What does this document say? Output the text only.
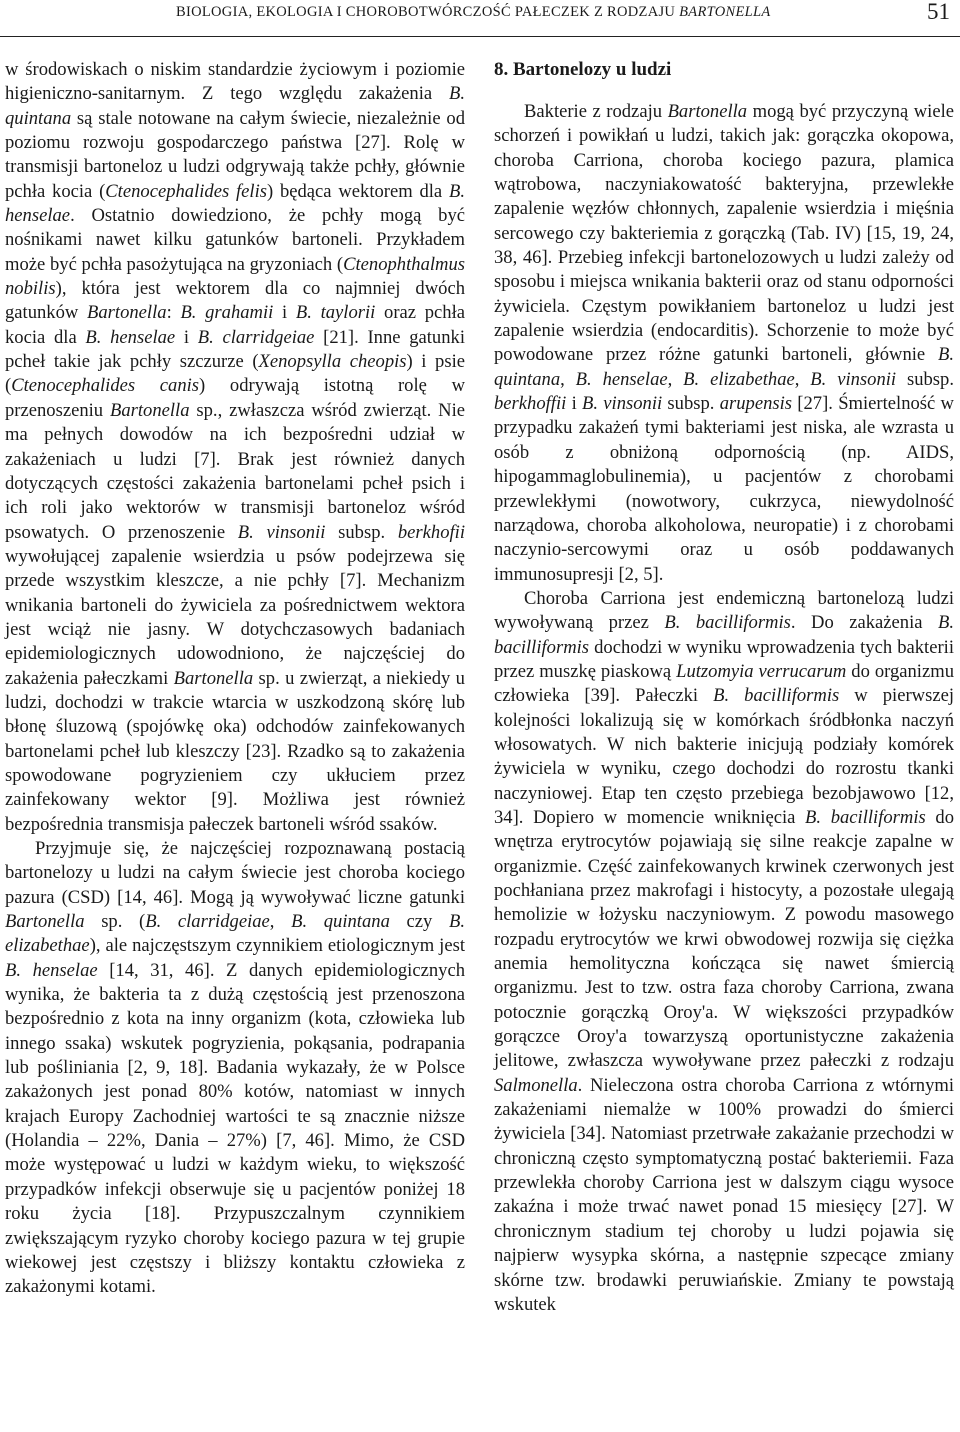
BIOLOGIA, EKOLOGIA I CHOROBOTWÓRCZOŚĆ PAŁECZEK Z RODZAJU BARTONELLA	51

w środowiskach o niskim standardzie życiowym i poziomie higieniczno-sanitarnym. Z tego względu zakażenia B. quintana są stale notowane na całym świecie, niezależnie od poziomu rozwoju gospodarczego państwa [27]. Rolę w transmisji bartoneloz u ludzi odgrywają także pchły, głównie pchła kocia (Ctenocephalides felis) będąca wektorem dla B. henselae. Ostatnio dowiedziono, że pchły mogą być nośnikami nawet kilku gatunków bartoneli. Przykładem może być pchła pasożytująca na gryzoniach (Ctenophthalmus nobilis), która jest wektorem dla co najmniej dwóch gatunków Bartonella: B. grahamii i B. taylorii oraz pchła kocia dla B. henselae i B. clarridgeiae [21]. Inne gatunki pcheł takie jak pchły szczurze (Xenopsylla cheopis) i psie (Ctenocephalides canis) odrywają istotną rolę w przenoszeniu Bartonella sp., zwłaszcza wśród zwierząt. Nie ma pełnych dowodów na ich bezpośredni udział w zakażeniach u ludzi [7]. Brak jest również danych dotyczących częstości zakażenia bartonelami pcheł psich i ich roli jako wektorów w transmisji bartoneloz wśród psowatych. O przenoszenie B. vinsonii subsp. berkhofii wywołującej zapalenie wsierdzia u psów podejrzewa się przede wszystkim kleszcze, a nie pchły [7]. Mechanizm wnikania bartoneli do żywiciela za pośrednictwem wektora jest wciąż nie jasny. W dotychczasowych badaniach epidemiologicznych udowodniono, że najczęściej do zakażenia pałeczkami Bartonella sp. u zwierząt, a niekiedy u ludzi, dochodzi w trakcie wtarcia w uszkodzoną skórę lub błonę śluzową (spojówkę oka) odchodów zainfekowanych bartonelami pcheł lub kleszczy [23]. Rzadko są to zakażenia spowodowane pogryzieniem czy ukłuciem przez zainfekowany wektor [9]. Możliwa jest również bezpośrednia transmisja pałeczek bartoneli wśród ssaków.

Przyjmuje się, że najczęściej rozpoznawaną postacią bartonelozy u ludzi na całym świecie jest choroba kociego pazura (CSD) [14, 46]. Mogą ją wywoływać liczne gatunki Bartonella sp. (B. clarridgeiae, B. quintana czy B. elizabethae), ale najczęstszym czynnikiem etiologicznym jest B. henselae [14, 31, 46]. Z danych epidemiologicznych wynika, że bakteria ta z dużą częstością jest przenoszona bezpośrednio z kota na inny organizm (kota, człowieka lub innego ssaka) wskutek pogryzienia, pokąsania, podrapania lub pośliniania [2, 9, 18]. Badania wykazały, że w Polsce zakażonych jest ponad 80% kotów, natomiast w innych krajach Europy Zachodniej wartości te są znacznie niższe (Holandia – 22%, Dania – 27%) [7, 46]. Mimo, że CSD może występować u ludzi w każdym wieku, to większość przypadków infekcji obserwuje się u pacjentów poniżej 18 roku życia [18]. Przypuszczalnym czynnikiem zwiększającym ryzyko choroby kociego pazura w tej grupie wiekowej jest częstszy i bliższy kontaktu człowieka z zakażonymi kotami.

8. Bartonelozy u ludzi

Bakterie z rodzaju Bartonella mogą być przyczyną wiele schorzeń i powikłań u ludzi, takich jak: gorączka okopowa, choroba Carriona, choroba kociego pazura, plamica wątrobowa, naczyniakowatość bakteryjna, przewlekłe zapalenie węzłów chłonnych, zapalenie wsierdzia i mięśnia sercowego czy bakteriemia z gorączką (Tab. IV) [15, 19, 24, 38, 46]. Przebieg infekcji bartonelozowych u ludzi zależy od sposobu i miejsca wnikania bakterii oraz od stanu odporności żywiciela. Częstym powikłaniem bartoneloz u ludzi jest zapalenie wsierdzia (endocarditis). Schorzenie to może być powodowane przez różne gatunki bartoneli, głównie B. quintana, B. henselae, B. elizabethae, B. vinsonii subsp. berkhoffii i B. vinsonii subsp. arupensis [27]. Śmiertelność w przypadku zakażeń tymi bakteriami jest niska, ale wzrasta u osób z obniżoną odpornością (np. AIDS, hipogammaglobulinemia), u pacjentów z chorobami przewlekłymi (nowotwory, cukrzyca, niewydolność narządowa, choroba alkoholowa, neuropatie) i z chorobami naczynio-sercowymi oraz u osób poddawanych immunosupresji [2, 5].

Choroba Carriona jest endemiczną bartonelozą ludzi wywoływaną przez B. bacilliformis. Do zakażenia B. bacilliformis dochodzi w wyniku wprowadzenia tych bakterii przez muszkę piaskową Lutzomyia verrucarum do organizmu człowieka [39]. Pałeczki B. bacilliformis w pierwszej kolejności lokalizują się w komórkach śródbłonka naczyń włosowatych. W nich bakterie inicjują podziały komórek żywiciela w wyniku, czego dochodzi do rozrostu tkanki naczyniowej. Etap ten często przebiega bezobjawowo [12, 34]. Dopiero w momencie wniknięcia B. bacilliformis do wnętrza erytrocytów pojawiają się silne reakcje zapalne w organizmie. Część zainfekowanych krwinek czerwonych jest pochłaniana przez makrofagi i histocyty, a pozostałe ulegają hemolizie w łożysku naczyniowym. Z powodu masowego rozpadu erytrocytów we krwi obwodowej rozwija się ciężka anemia hemolityczna kończąca się nawet śmiercią organizmu. Jest to tzw. ostra faza choroby Carriona, zwana potocznie gorączką Oroy'a. W większości przypadków gorączce Oroy'a towarzyszą oportunistyczne zakażenia jelitowe, zwłaszcza wywoływane przez pałeczki z rodzaju Salmonella. Nieleczona ostra choroba Carriona z wtórnymi zakażeniami niemalże w 100% prowadzi do śmierci żywiciela [34]. Natomiast przetrwałe zakażanie przechodzi w chroniczną często symptomatyczną postać bakteriemii. Faza przewlekła choroby Carriona jest w dalszym ciągu wysoce zakaźna i może trwać nawet ponad 15 miesięcy [27]. W chronicznym stadium tej choroby u ludzi pojawia się najpierw wysypka skórna, a następnie szpecące zmiany skórne tzw. brodawki peruwiańskie. Zmiany te powstają wskutek
